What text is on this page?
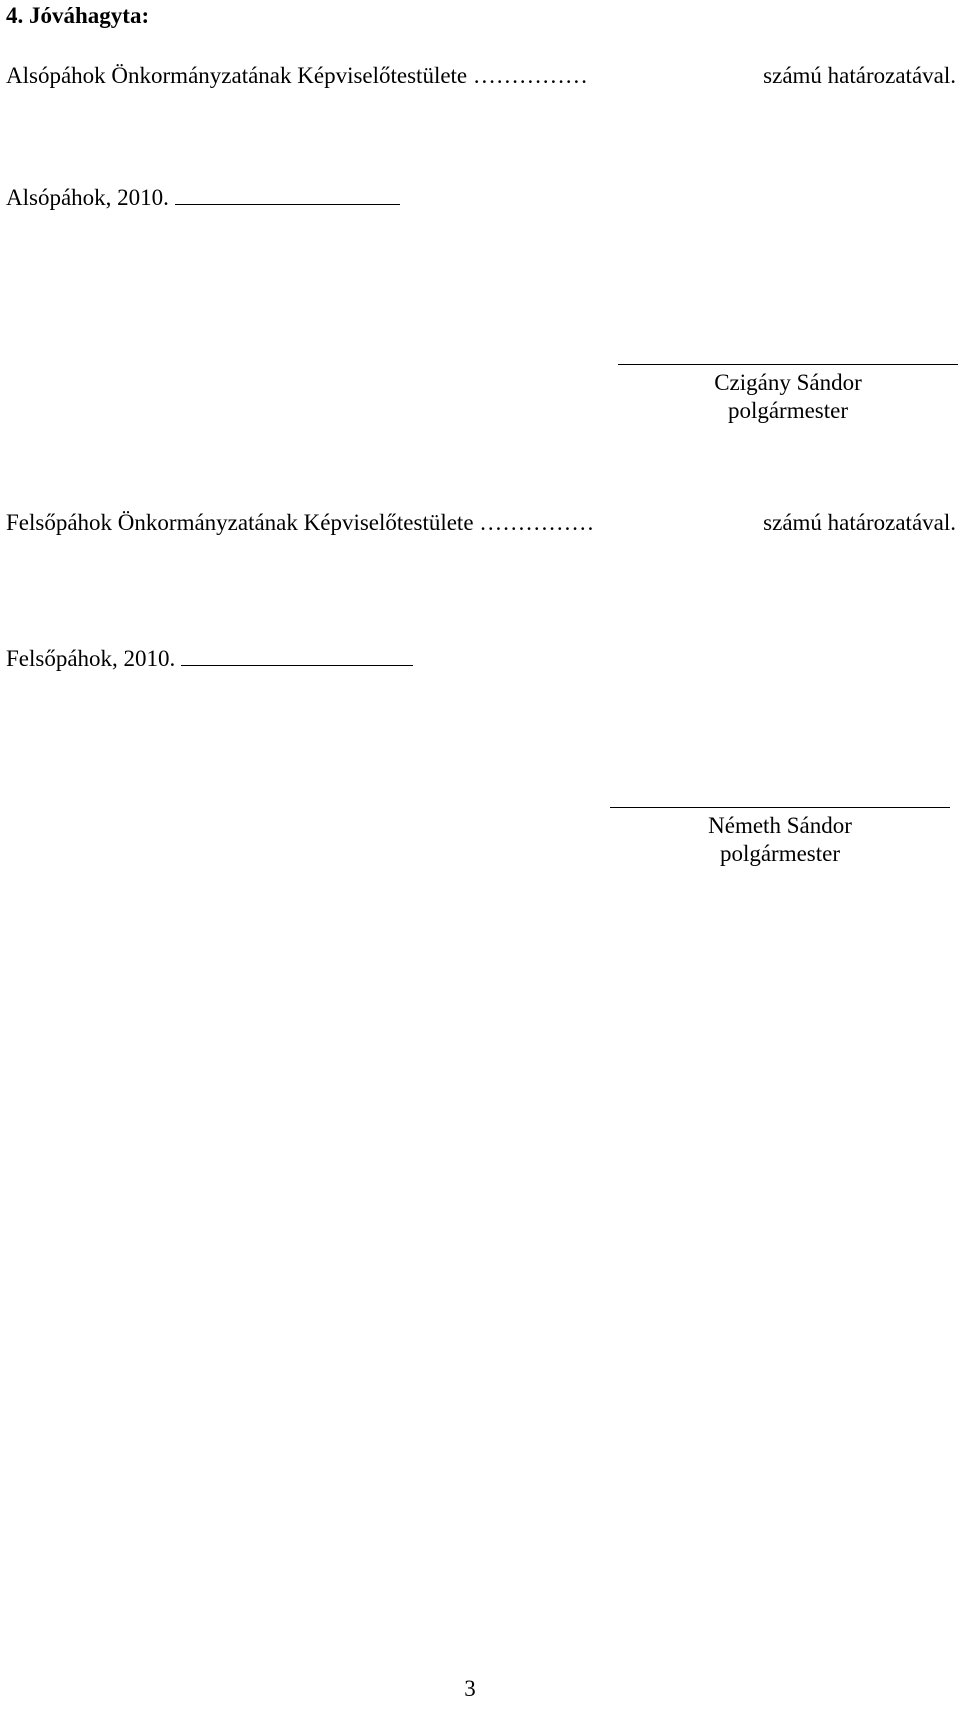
4. Jóváhagyta:
Alsópáhok Önkormányzatának Képviselőtestülete ……………	számú határozatával.
Alsópáhok, 2010.
Czigány Sándor
polgármester
Felsőpáhok Önkormányzatának Képviselőtestülete ……………	számú határozatával.
Felsőpáhok, 2010.
Németh Sándor
polgármester
3
